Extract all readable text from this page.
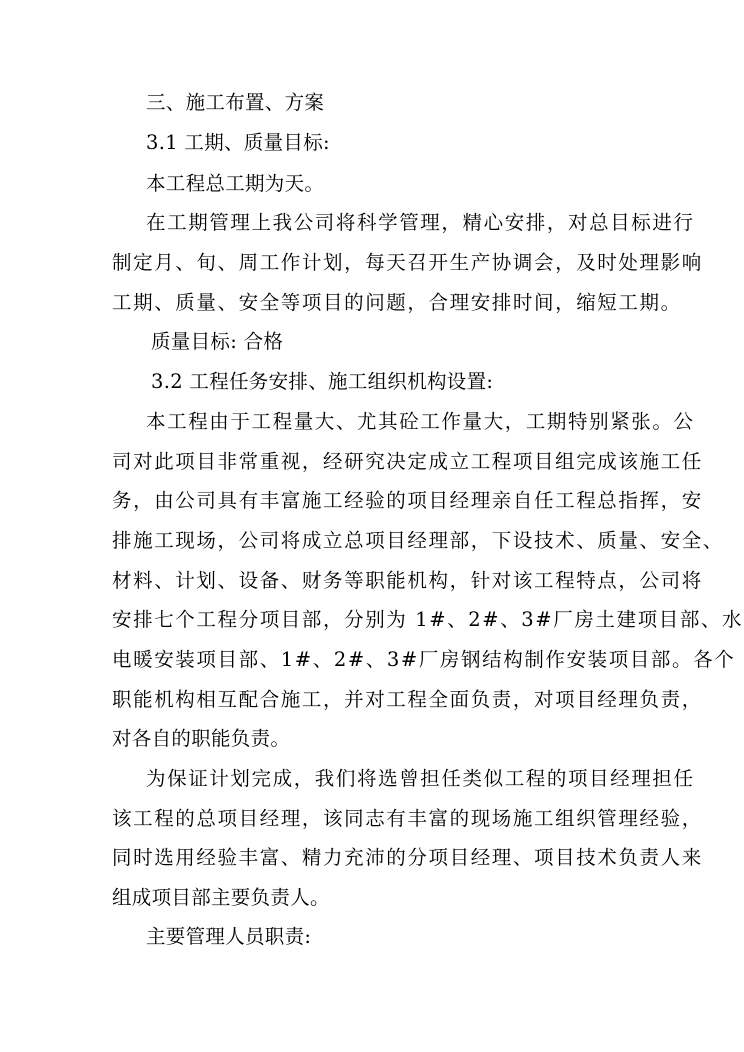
三、施工布置、方案
3.1 工期、质量目标:
本工程总工期为天。
在工期管理上我公司将科学管理，精心安排，对总目标进行
制定月、旬、周工作计划，每天召开生产协调会，及时处理影响
工期、质量、安全等项目的问题，合理安排时间，缩短工期。
质量目标: 合格
3.2 工程任务安排、施工组织机构设置:
本工程由于工程量大、尤其砼工作量大，工期特别紧张。公
司对此项目非常重视，经研究决定成立工程项目组完成该施工任
务，由公司具有丰富施工经验的项目经理亲自任工程总指挥，安
排施工现场，公司将成立总项目经理部，下设技术、质量、安全、
材料、计划、设备、财务等职能机构，针对该工程特点，公司将
安排七个工程分项目部，分别为 1#、2#、3#厂房土建项目部、水
电暖安装项目部、1#、2#、3#厂房钢结构制作安装项目部。各个
职能机构相互配合施工，并对工程全面负责，对项目经理负责，
对各自的职能负责。
为保证计划完成，我们将选曾担任类似工程的项目经理担任
该工程的总项目经理，该同志有丰富的现场施工组织管理经验，
同时选用经验丰富、精力充沛的分项目经理、项目技术负责人来
组成项目部主要负责人。
主要管理人员职责:
